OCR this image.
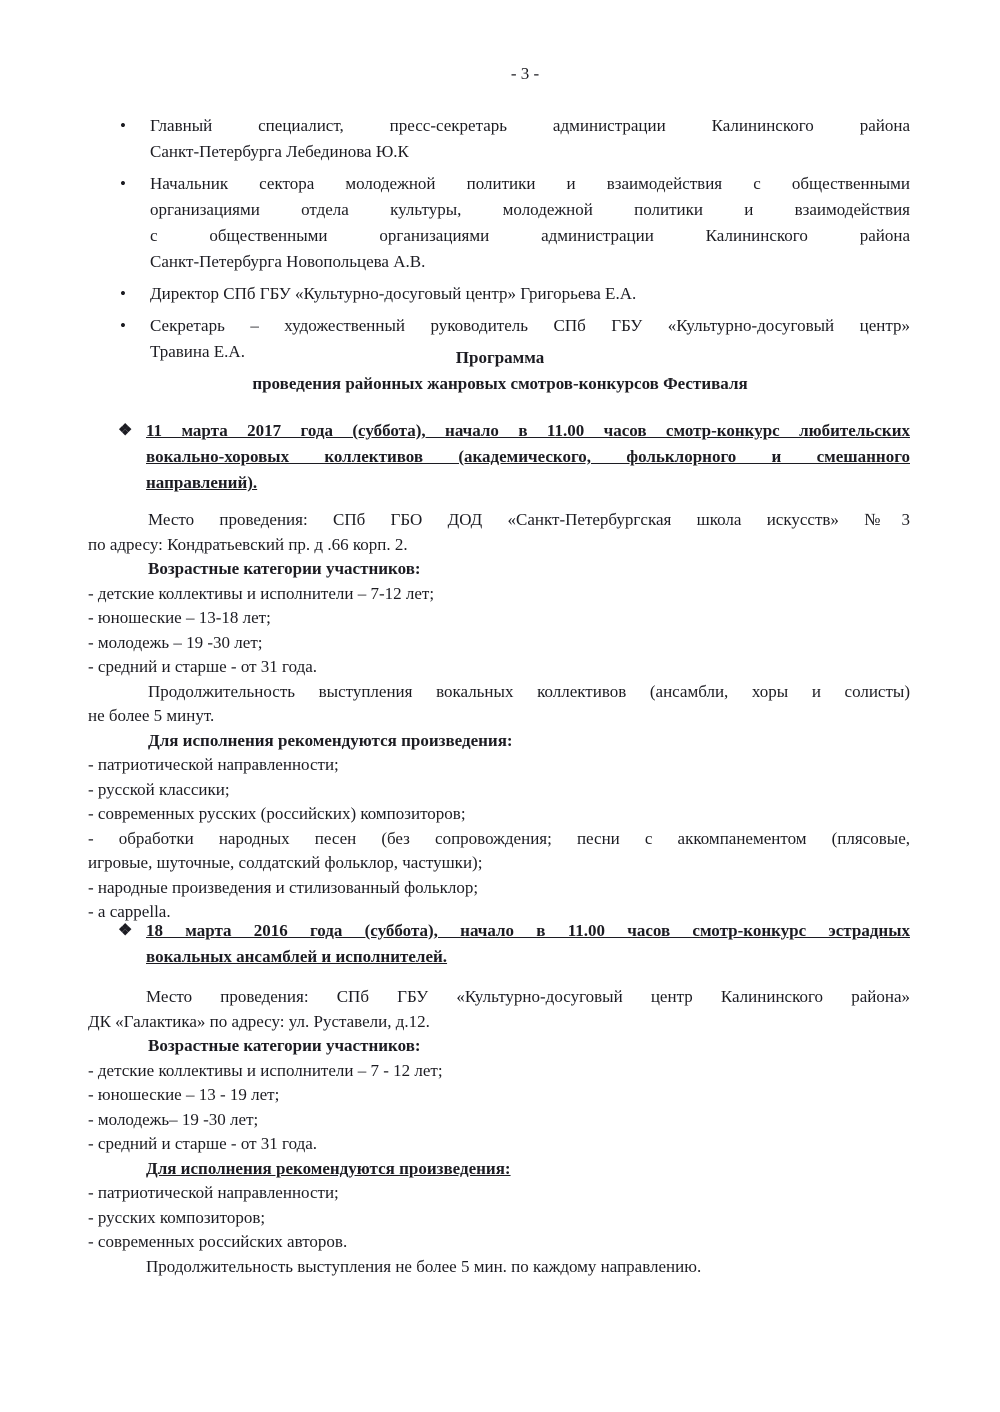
- 3 -
• Главный специалист, пресс-секретарь администрации Калининского района
Санкт-Петербурга Лебединова Ю.К
• Начальник сектора молодежной политики и взаимодействия с общественными
организациями отдела культуры, молодежной политики и взаимодействия
с общественными организациями администрации Калининского района
Санкт-Петербурга Новопольцева А.В.
• Директор СПб ГБУ «Культурно-досуговый центр» Григорьева Е.А.
• Секретарь – художественный руководитель СПб ГБУ «Культурно-досуговый центр»
Травина Е.А.	Программа
проведения районных жанровых смотров-конкурсов Фестиваля
❖ 11 марта 2017 года (суббота), начало в 11.00 часов смотр-конкурс любительских
вокально-хоровых коллективов (академического, фольклорного и смешанного
направлений).
Место проведения: СПб ГБО ДОД «Санкт-Петербургская школа искусств» №3
по адресу: Кондратьевский пр. д .66 корп. 2.
Возрастные категории участников:
- детские коллективы и исполнители – 7-12 лет;
- юношеские – 13-18 лет;
- молодежь – 19 -30 лет;
- средний и старше - от 31 года.
Продолжительность выступления вокальных коллективов (ансамбли, хоры и солисты)
не более 5 минут.
Для исполнения рекомендуются произведения:
- патриотической направленности;
- русской классики;
- современных русских (российских) композиторов;
- обработки народных песен (без сопровождения; песни с аккомпанементом (плясовые,
игровые, шуточные, солдатский фольклор, частушки);
- народные произведения и стилизованный фольклор;
- a cappella.
❖ 18 марта 2016 года (суббота), начало в 11.00 часов смотр-конкурс эстрадных
вокальных ансамблей и исполнителей.
Место проведения: СПб ГБУ «Культурно-досуговый центр Калининского района»
ДК «Галактика» по адресу: ул. Руставели, д.12.
Возрастные категории участников:
- детские коллективы и исполнители – 7 - 12 лет;
- юношеские – 13 - 19 лет;
- молодежь– 19 -30 лет;
- средний и старше - от 31 года.
Для исполнения рекомендуются произведения:
- патриотической направленности;
- русских композиторов;
- современных российских авторов.
Продолжительность выступления не более 5 мин. по каждому направлению.
